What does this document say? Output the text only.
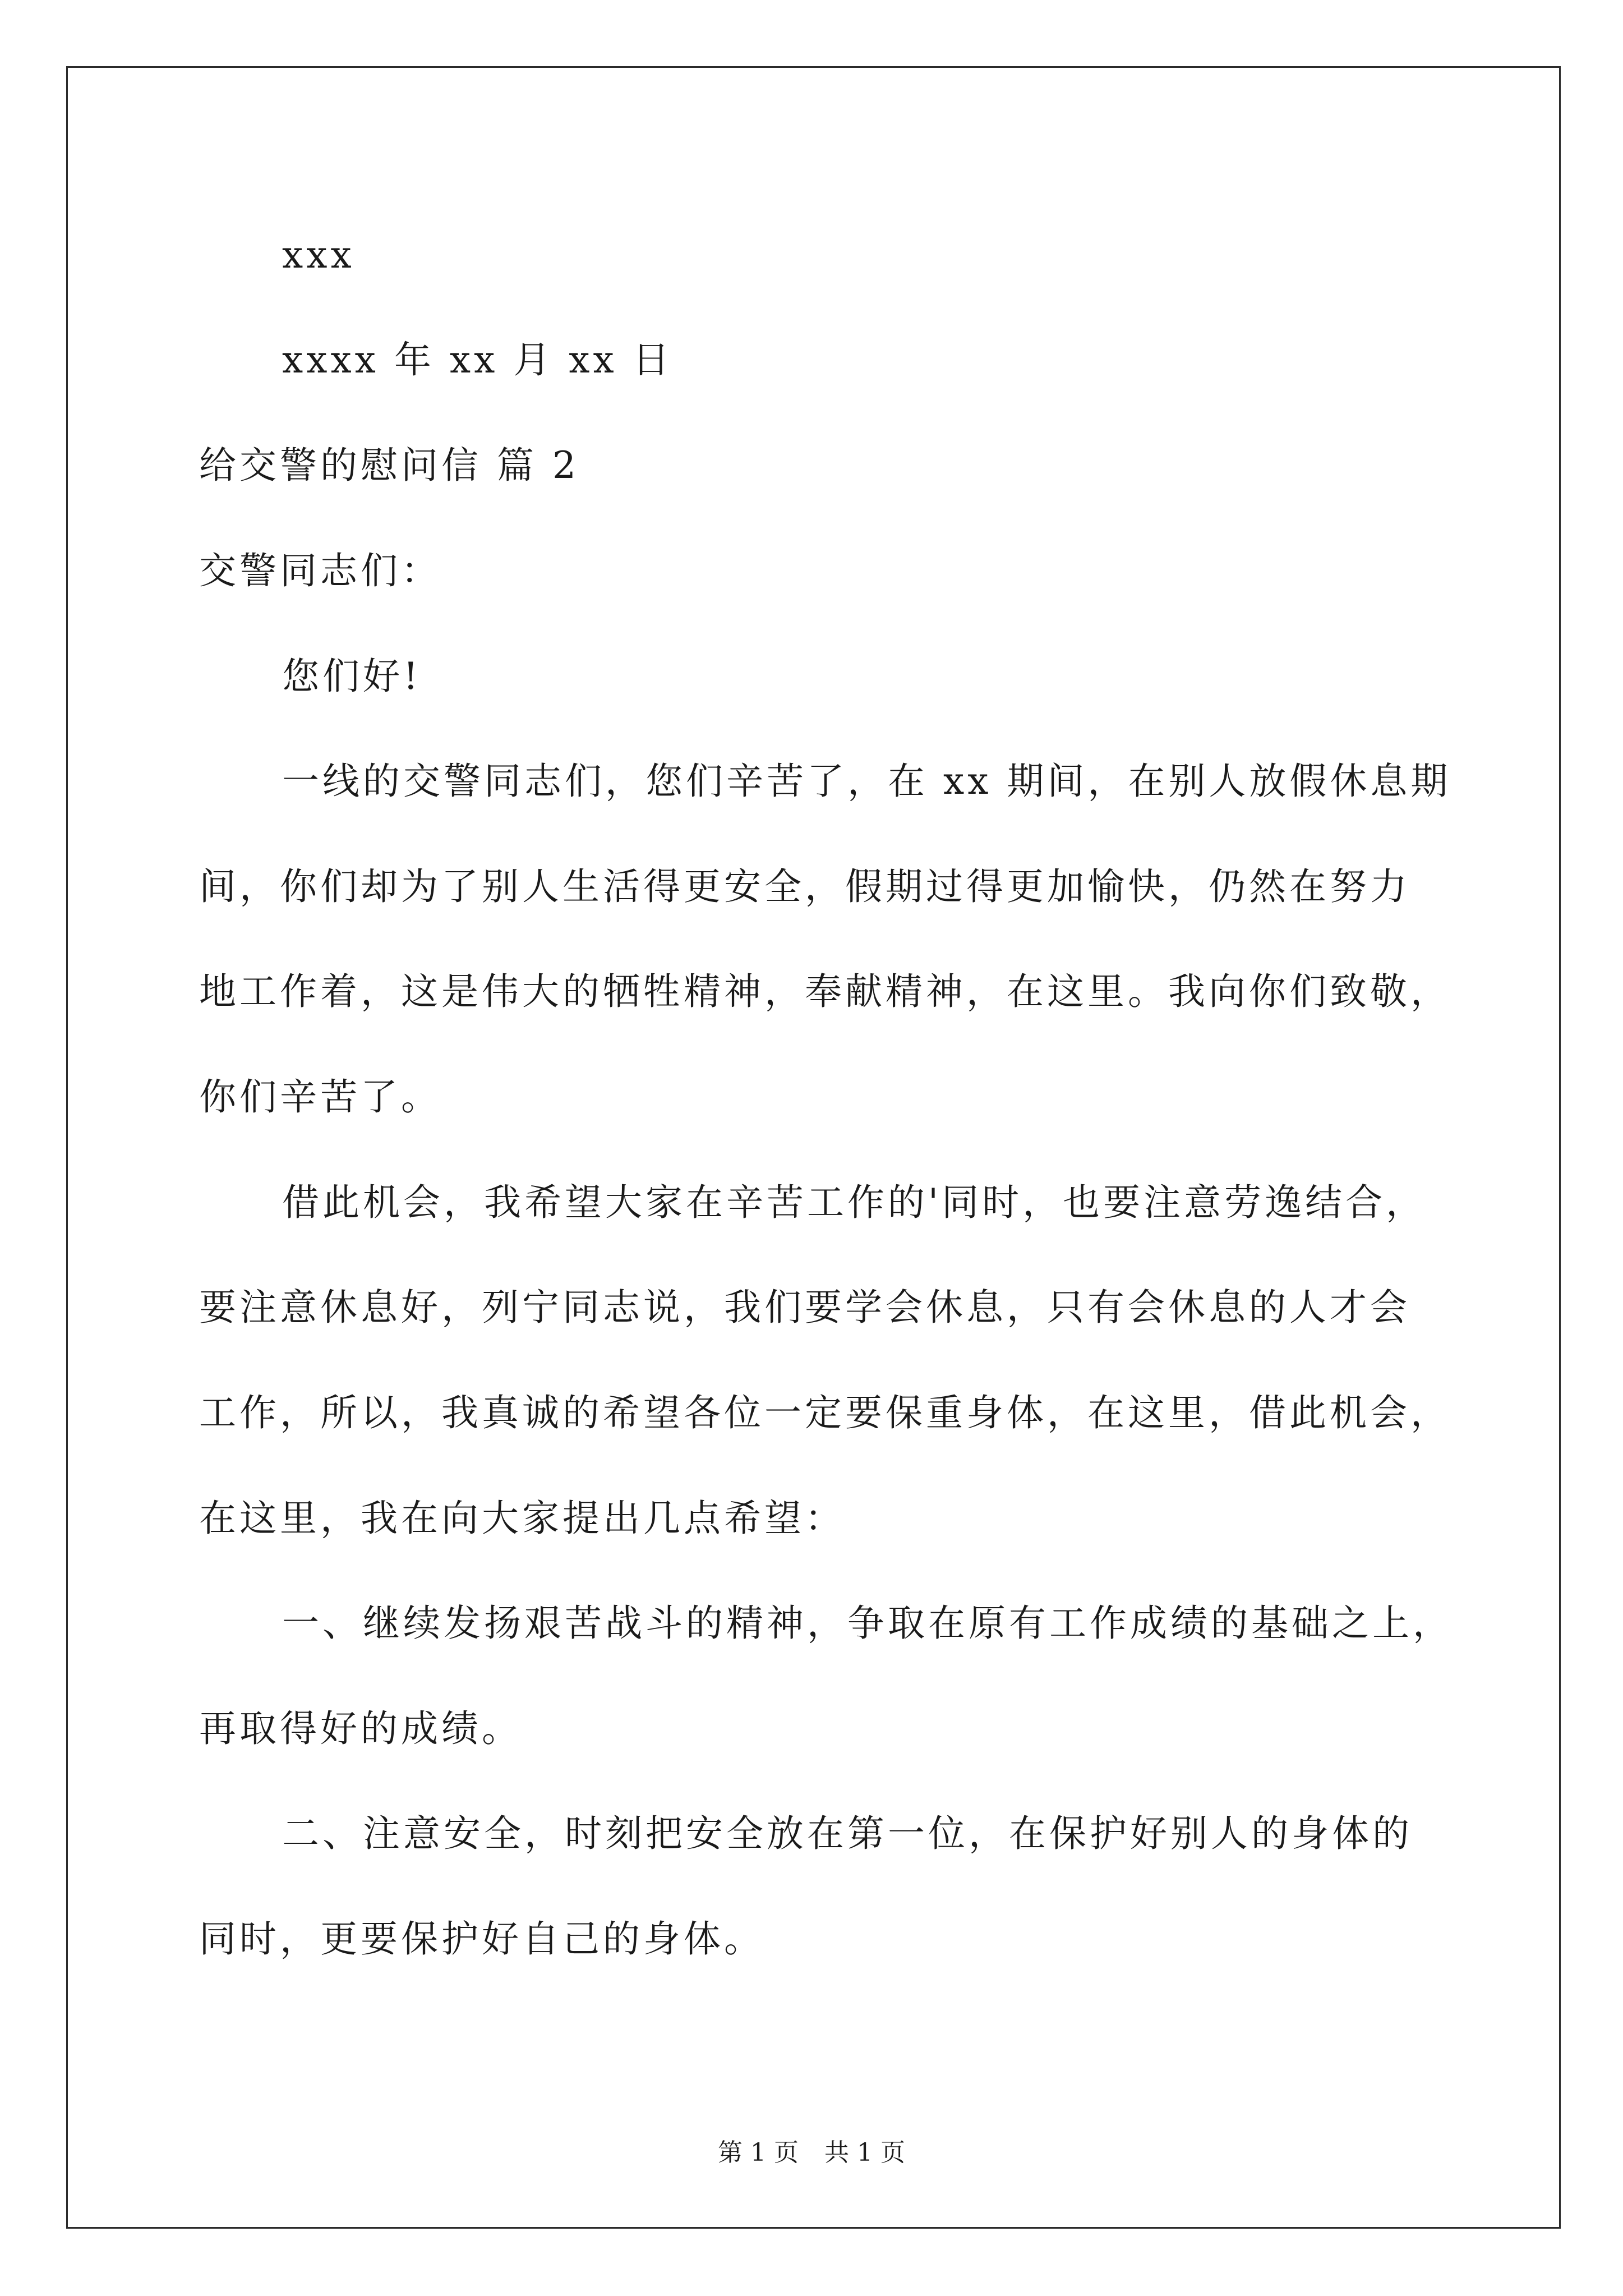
xxx
xxxx 年 xx 月 xx 日
给交警的慰问信 篇 2
交警同志们：
您们好!
一线的交警同志们，您们辛苦了，在 xx 期间，在别人放假休息期
间，你们却为了别人生活得更安全，假期过得更加愉快，仍然在努力
地工作着，这是伟大的牺牲精神，奉献精神，在这里。我向你们致敬，
你们辛苦了。
借此机会，我希望大家在辛苦工作的'同时，也要注意劳逸结合，
要注意休息好，列宁同志说，我们要学会休息，只有会休息的人才会
工作，所以，我真诚的希望各位一定要保重身体，在这里，借此机会，
在这里，我在向大家提出几点希望：
一、继续发扬艰苦战斗的精神，争取在原有工作成绩的基础之上，
再取得好的成绩。
二、注意安全，时刻把安全放在第一位，在保护好别人的身体的
同时，更要保护好自己的身体。
第 1 页 共 1 页
